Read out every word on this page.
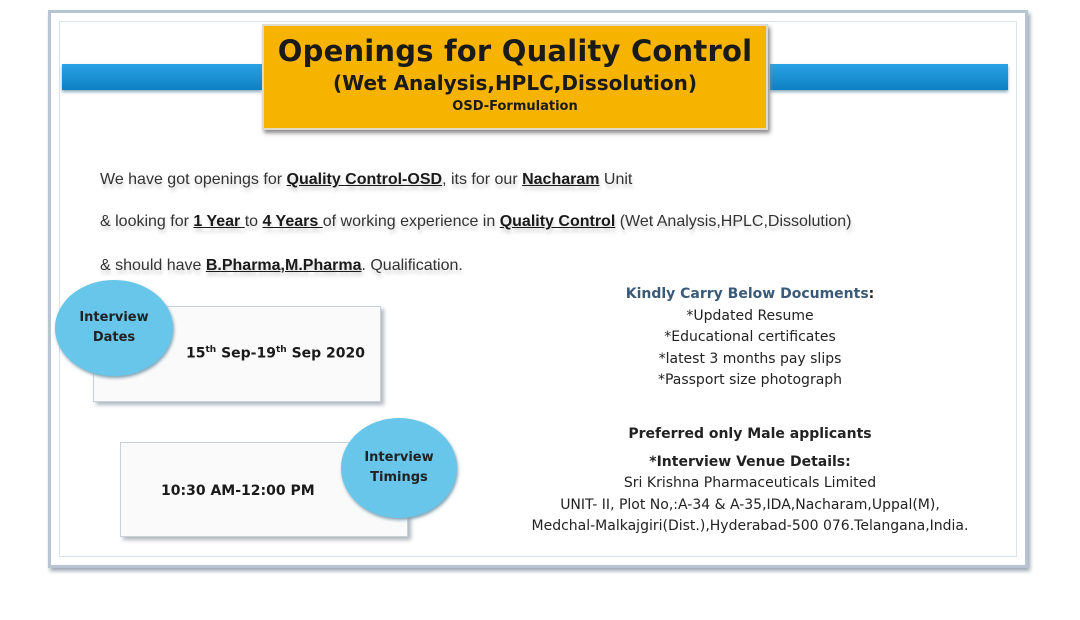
Openings for Quality Control
(Wet Analysis,HPLC,Dissolution)
OSD-Formulation
We have got openings for Quality Control-OSD, its for our Nacharam Unit
& looking for 1 Year to 4 Years of working experience in Quality Control (Wet Analysis,HPLC,Dissolution)
& should have B.Pharma,M.Pharma. Qualification.
15th Sep-19th Sep 2020
Interview
Dates
10:30 AM-12:00 PM
Interview
Timings
Kindly Carry Below Documents:
*Updated Resume
*Educational certificates
*latest 3 months pay slips
*Passport size photograph
Preferred only Male applicants
*Interview Venue Details:
Sri Krishna Pharmaceuticals Limited
UNIT- II, Plot No,:A-34 & A-35,IDA,Nacharam,Uppal(M),
Medchal-Malkajgiri(Dist.),Hyderabad-500 076.Telangana,India.
